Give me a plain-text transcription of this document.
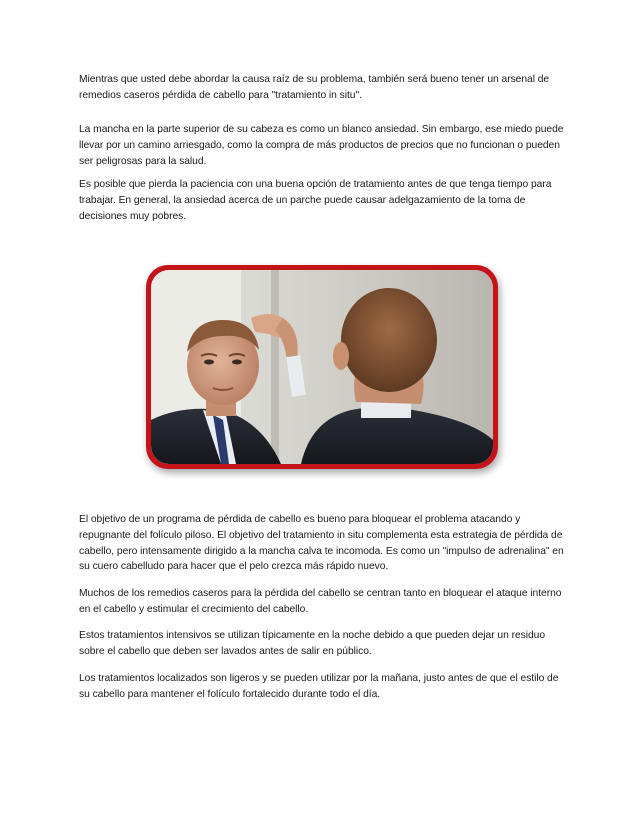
Mientras que usted debe abordar la causa raíz de su problema, también será bueno tener un arsenal de remedios caseros pérdida de cabello para "tratamiento in situ".

La mancha en la parte superior de su cabeza es como un blanco ansiedad. Sin embargo, ese miedo puede llevar por un camino arriesgado, como la compra de más productos de precios que no funcionan o pueden ser peligrosas para la salud.

Es posible que pierda la paciencia con una buena opción de tratamiento antes de que tenga tiempo para trabajar. En general, la ansiedad acerca de un parche puede causar adelgazamiento de la toma de decisiones muy pobres.

El objetivo de un programa de pérdida de cabello es bueno para bloquear el problema atacando y repugnante del folículo piloso. El objetivo del tratamiento in situ complementa esta estrategia de pérdida de cabello, pero intensamente dirigido a la mancha calva te incomoda. Es como un "impulso de adrenalina" en su cuero cabelludo para hacer que el pelo crezca más rápido nuevo.

Muchos de los remedios caseros para la pérdida del cabello se centran tanto en bloquear el ataque interno en el cabello y estimular el crecimiento del cabello.

Estos tratamientos intensivos se utilizan típicamente en la noche debido a que pueden dejar un residuo sobre el cabello que deben ser lavados antes de salir en público.

Los tratamientos localizados son ligeros y se pueden utilizar por la mañana, justo antes de que el estilo de su cabello para mantener el folículo fortalecido durante todo el día.
